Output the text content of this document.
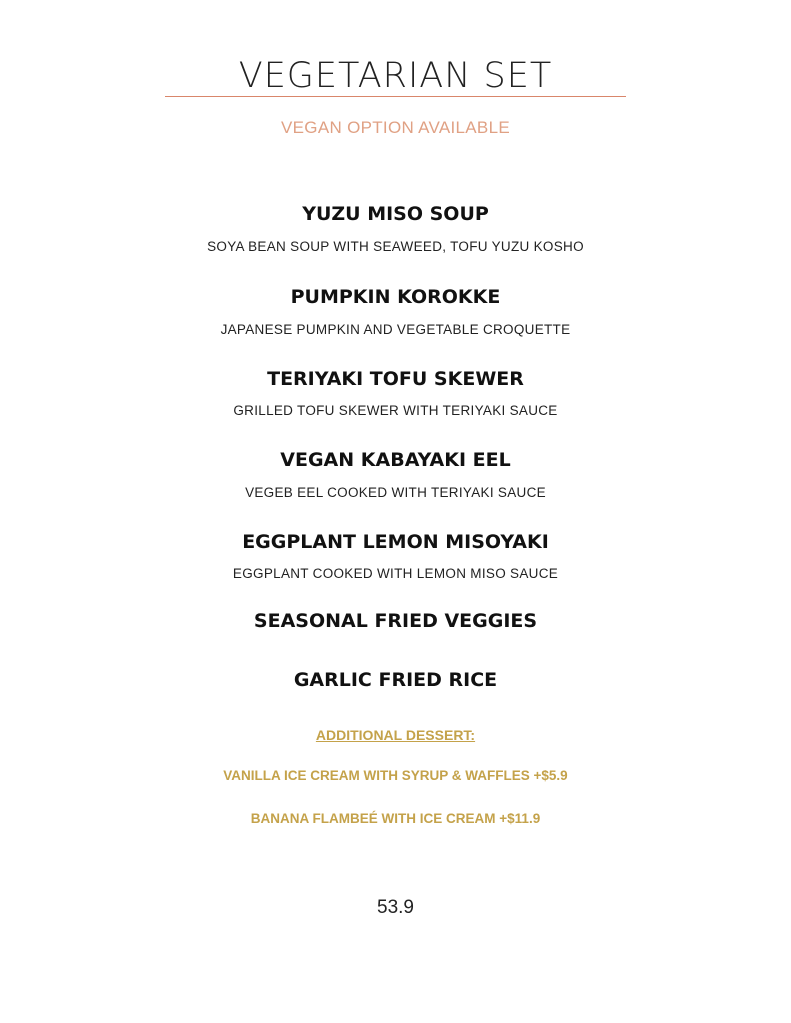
VEGETARIAN SET
VEGAN OPTION AVAILABLE
YUZU MISO SOUP
SOYA BEAN SOUP WITH SEAWEED, TOFU YUZU KOSHO
PUMPKIN KOROKKE
JAPANESE PUMPKIN AND VEGETABLE CROQUETTE
TERIYAKI TOFU SKEWER
GRILLED TOFU SKEWER WITH TERIYAKI SAUCE
VEGAN KABAYAKI EEL
VEGEB EEL COOKED WITH TERIYAKI SAUCE
EGGPLANT LEMON MISOYAKI
EGGPLANT COOKED WITH LEMON MISO SAUCE
SEASONAL FRIED VEGGIES
GARLIC FRIED RICE
ADDITIONAL DESSERT:
VANILLA ICE CREAM WITH SYRUP & WAFFLES +$5.9
BANANA FLAMBEÉ WITH ICE CREAM +$11.9
53.9
